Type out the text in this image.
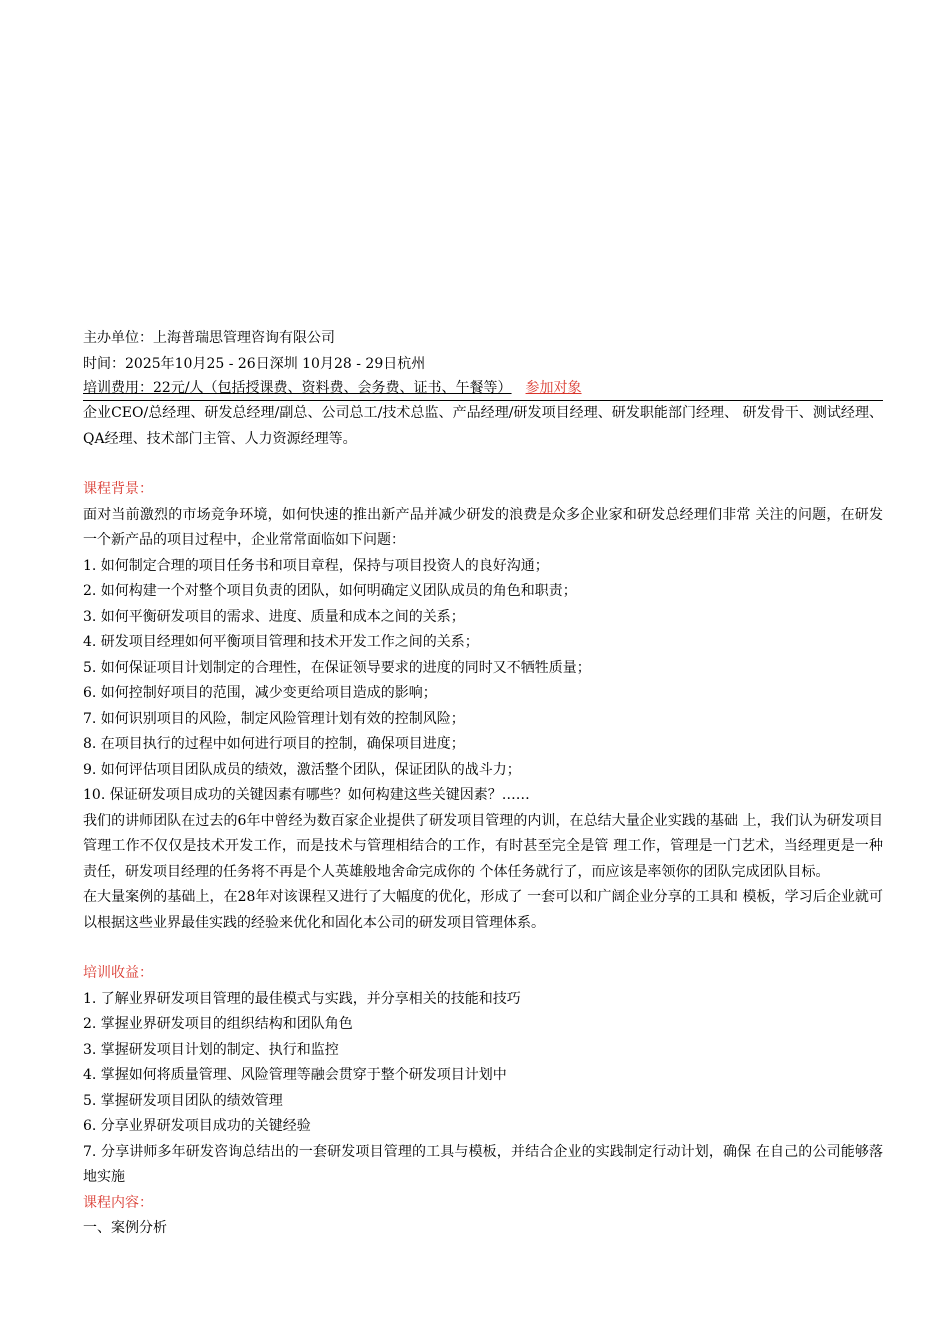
主办单位：上海普瑞思管理咨询有限公司
时间：2025年10月25 - 26日深圳 10月28 - 29日杭州
培训费用：22元/人（包括授课费、资料费、会务费、证书、午餐等） 参加对象
企业CEO/总经理、研发总经理/副总、公司总工/技术总监、产品经理/研发项目经理、研发职能部门经理、 研发骨干、测试经理、QA经理、技术部门主管、人力资源经理等。
课程背景：
面对当前激烈的市场竞争环境，如何快速的推出新产品并减少研发的浪费是众多企业家和研发总经理们非常 关注的问题，在研发一个新产品的项目过程中，企业常常面临如下问题：
1. 如何制定合理的项目任务书和项目章程，保持与项目投资人的良好沟通；
2. 如何构建一个对整个项目负责的团队，如何明确定义团队成员的角色和职责；
3. 如何平衡研发项目的需求、进度、质量和成本之间的关系；
4. 研发项目经理如何平衡项目管理和技术开发工作之间的关系；
5. 如何保证项目计划制定的合理性，在保证领导要求的进度的同时又不牺牲质量；
6. 如何控制好项目的范围，减少变更给项目造成的影响；
7. 如何识别项目的风险，制定风险管理计划有效的控制风险；
8. 在项目执行的过程中如何进行项目的控制，确保项目进度；
9. 如何评估项目团队成员的绩效，激活整个团队，保证团队的战斗力；
10. 保证研发项目成功的关键因素有哪些？如何构建这些关键因素？……
我们的讲师团队在过去的6年中曾经为数百家企业提供了研发项目管理的内训，在总结大量企业实践的基础 上，我们认为研发项目管理工作不仅仅是技术开发工作，而是技术与管理相结合的工作，有时甚至完全是管 理工作，管理是一门艺术，当经理更是一种责任，研发项目经理的任务将不再是个人英雄般地舍命完成你的 个体任务就行了，而应该是率领你的团队完成团队目标。
在大量案例的基础上，在28年对该课程又进行了大幅度的优化，形成了 一套可以和广阔企业分享的工具和 模板，学习后企业就可以根据这些业界最佳实践的经验来优化和固化本公司的研发项目管理体系。
培训收益：
1. 了解业界研发项目管理的最佳模式与实践，并分享相关的技能和技巧
2. 掌握业界研发项目的组织结构和团队角色
3. 掌握研发项目计划的制定、执行和监控
4. 掌握如何将质量管理、风险管理等融会贯穿于整个研发项目计划中
5. 掌握研发项目团队的绩效管理
6. 分享业界研发项目成功的关键经验
7. 分享讲师多年研发咨询总结出的一套研发项目管理的工具与模板，并结合企业的实践制定行动计划，确保 在自己的公司能够落地实施
课程内容：
一、案例分析
